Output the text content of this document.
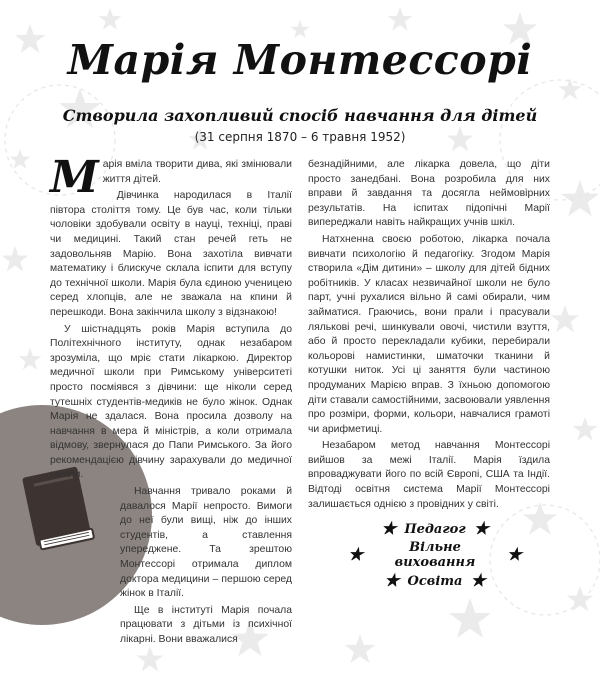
Марія Монтессорі
Створила захопливий спосіб навчання для дітей
(31 серпня 1870 – 6 травня 1952)

Марія вміла творити дива, які змінювали життя дітей.

Дівчинка народилася в Італії півтора століття тому. Це був час, коли тільки чоловіки здобували освіту в науці, техніці, праві чи медицині. Такий стан речей геть не задовольняв Марію. Вона захотіла вивчати математику і блискуче склала іспити для вступу до технічної школи. Марія була єдиною ученицею серед хлопців, але не зважала на кпини й перешкоди. Вона закінчила школу з відзнакою!

У шістнадцять років Марія вступила до Політехнічного інституту, однак незабаром зрозуміла, що мріє стати лікаркою. Директор медичної школи при Римському університеті просто посміявся з дівчини: ще ніколи серед тутешніх студентів-медиків не було жінок. Однак Марія не здалася. Вона просила дозволу на навчання в мера й міністрів, а коли отримала відмову, звернулася до Папи Римського. За його рекомендацією дівчину зарахували до медичної школи.

Навчання тривало роками й давалося Марії непросто. Вимоги до неї були вищі, ніж до інших студентів, а ставлення упереджене. Та зрештою Монтессорі отримала диплом доктора медицини – першою серед жінок в Італії.

Ще в інституті Марія почала працювати з дітьми із психічної лікарні. Вони вважалися

безнадійними, але лікарка довела, що діти просто занедбані. Вона розробила для них вправи й завдання та досягла неймовірних результатів. На іспитах підопічні Марії випереджали навіть найкращих учнів шкіл.

Натхненна своєю роботою, лікарка почала вивчати психологію й педагогіку. Згодом Марія створила «Дім дитини» – школу для дітей бідних робітників. У класах незвичайної школи не було парт, учні рухалися вільно й самі обирали, чим займатися. Граючись, вони прали і прасували лялькові речі, шинкували овочі, чистили взуття, або й просто перекладали кубики, перебирали кольорові намистинки, шматочки тканини й котушки ниток. Усі ці заняття були частиною продуманих Марією вправ. З їхньою допомогою діти ставали самостійними, засвоювали уявлення про розміри, форми, кольори, навчалися грамоті чи арифметиці.

Незабаром метод навчання Монтессорі вийшов за межі Італії. Марія їздила впроваджувати його по всій Європі, США та Індії. Відтоді освітня система Марії Монтессорі залишається однією з провідних у світі.

★ Педагог ★
★	Вільне виховання	★
★ Освіта ★
6
